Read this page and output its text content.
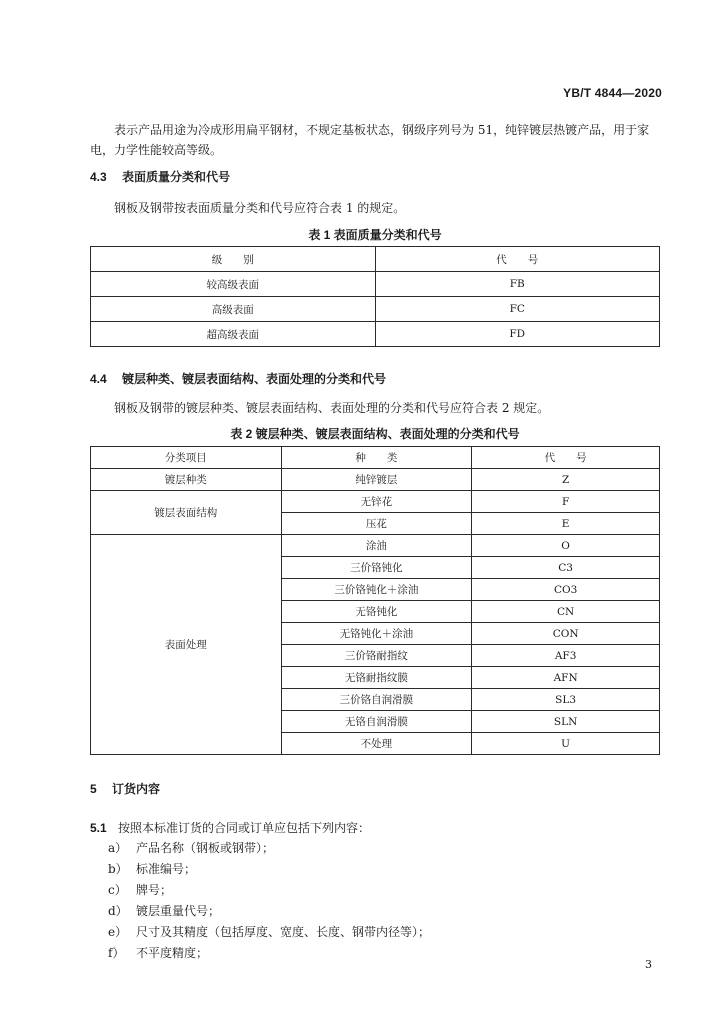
YB/T 4844—2020
表示产品用途为冷成形用扁平钢材，不规定基板状态，钢级序列号为 51，纯锌镀层热镀产品，用于家电，力学性能较高等级。
4.3 表面质量分类和代号
钢板及钢带按表面质量分类和代号应符合表 1 的规定。
表 1 表面质量分类和代号
级　　别	代　　号
较高级表面	FB
高级表面	FC
超高级表面	FD
4.4 镀层种类、镀层表面结构、表面处理的分类和代号
钢板及钢带的镀层种类、镀层表面结构、表面处理的分类和代号应符合表 2 规定。
表 2 镀层种类、镀层表面结构、表面处理的分类和代号
分类项目	种　　类	代　　号
镀层种类	纯锌镀层	Z
镀层表面结构	无锌花	F
	压花	E
表面处理	涂油	O
	三价铬钝化	C3
	三价铬钝化＋涂油	CO3
	无铬钝化	CN
	无铬钝化＋涂油	CON
	三价铬耐指纹	AF3
	无铬耐指纹膜	AFN
	三价铬自润滑膜	SL3
	无铬自润滑膜	SLN
	不处理	U
5 订货内容
5.1 按照本标准订货的合同或订单应包括下列内容：
a） 产品名称（钢板或钢带）；
b） 标准编号；
c） 牌号；
d） 镀层重量代号；
e） 尺寸及其精度（包括厚度、宽度、长度、钢带内径等）；
f） 不平度精度；
3
